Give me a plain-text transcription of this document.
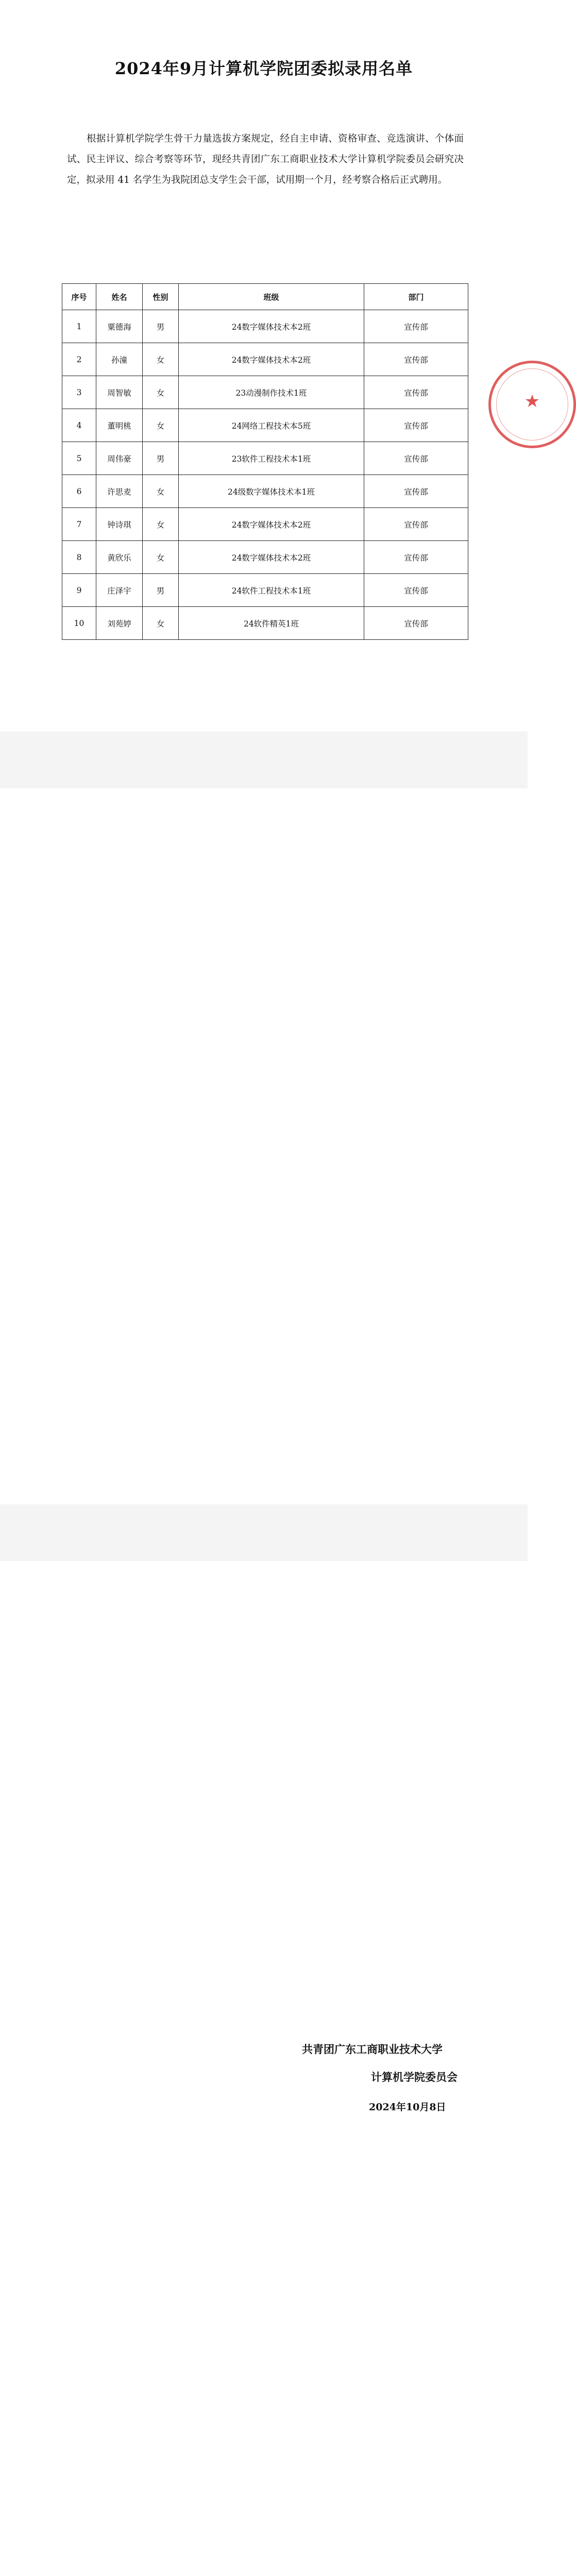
2024年9月计算机学院团委拟录用名单

根据计算机学院学生骨干力量选拔方案规定，经自主申请、资格审查、竞选演讲、个体面试、民主评议、综合考察等环节，现经共青团广东工商职业技术大学计算机学院委员会研究决定，拟录用 41 名学生为我院团总支学生会干部，试用期一个月，经考察合格后正式聘用。

序号	姓名	性别	班级	部门
1	粟德海	男	24数字媒体技术本2班	宣传部
2	孙潼	女	24数字媒体技术本2班	宣传部
3	周智敏	女	23动漫制作技术1班	宣传部
4	董明桃	女	24网络工程技术本5班	宣传部
5	周伟豪	男	23软件工程技术本1班	宣传部
6	许思麦	女	24级数字媒体技术本1班	宣传部
7	钟诗琪	女	24数字媒体技术本2班	宣传部
8	黄欣乐	女	24数字媒体技术本2班	宣传部
9	庄泽宇	男	24软件工程技术本1班	宣传部
10	刘苑婷	女	24软件精英1班	宣传部
★

共青团广东工商职业技术大学
计算机学院委员会
2024年10月8日
